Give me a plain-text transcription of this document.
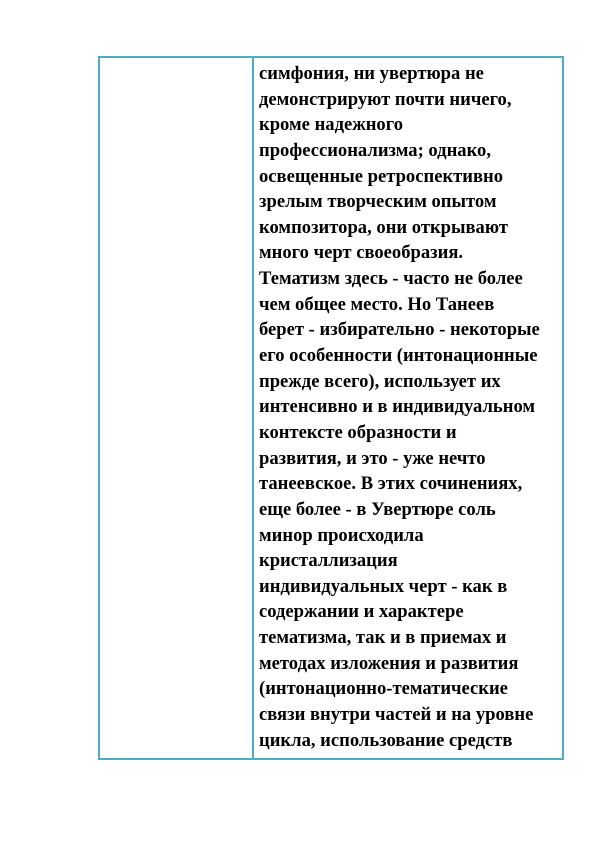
симфония, ни увертюра не
демонстрируют почти ничего,
кроме надежного
профессионализма; однако,
освещенные ретроспективно
зрелым творческим опытом
композитора, они открывают
много черт своеобразия.
Тематизм здесь - часто не более
чем общее место. Но Танеев
берет - избирательно - некоторые
его особенности (интонационные
прежде всего), использует их
интенсивно и в индивидуальном
контексте образности и
развития, и это - уже нечто
танеевское. В этих сочинениях,
еще более - в Увертюре соль
минор происходила
кристаллизация
индивидуальных черт - как в
содержании и характере
тематизма, так и в приемах и
методах изложения и развития
(интонационно-тематические
связи внутри частей и на уровне
цикла, использование средств
